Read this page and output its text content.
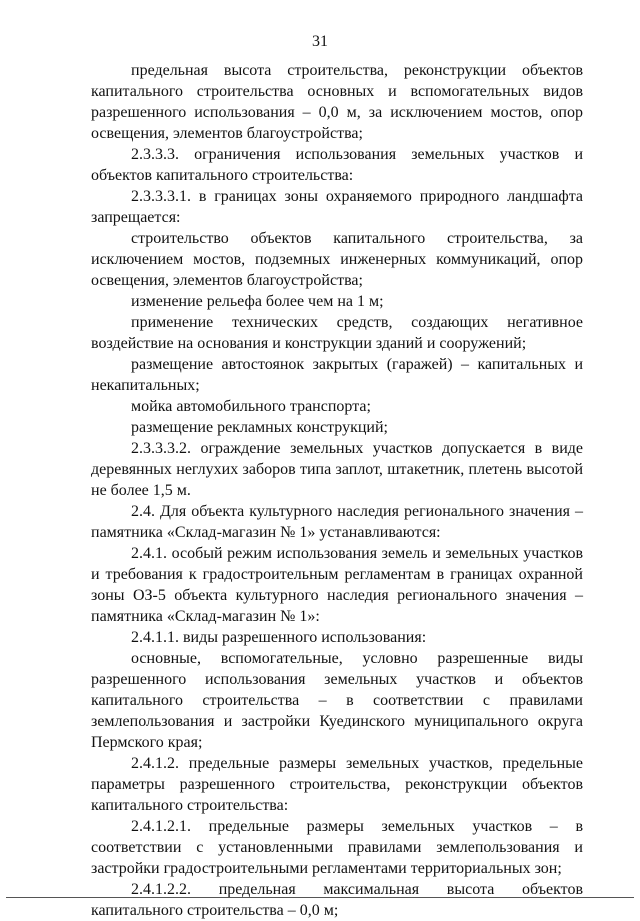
31

предельная высота строительства, реконструкции объектов капитального строительства основных и вспомогательных видов разрешенного использования – 0,0 м, за исключением мостов, опор освещения, элементов благоустройства;

2.3.3.3. ограничения использования земельных участков и объектов капитального строительства:

2.3.3.3.1. в границах зоны охраняемого природного ландшафта запрещается:

строительство объектов капитального строительства, за исключением мостов, подземных инженерных коммуникаций, опор освещения, элементов благоустройства;

изменение рельефа более чем на 1 м;

применение технических средств, создающих негативное воздействие на основания и конструкции зданий и сооружений;

размещение автостоянок закрытых (гаражей) – капитальных и некапитальных;

мойка автомобильного транспорта;

размещение рекламных конструкций;

2.3.3.3.2. ограждение земельных участков допускается в виде деревянных неглухих заборов типа заплот, штакетник, плетень высотой не более 1,5 м.

2.4. Для объекта культурного наследия регионального значения – памятника «Склад-магазин № 1» устанавливаются:

2.4.1. особый режим использования земель и земельных участков и требования к градостроительным регламентам в границах охранной зоны ОЗ-5 объекта культурного наследия регионального значения – памятника «Склад-магазин № 1»:

2.4.1.1. виды разрешенного использования:

основные, вспомогательные, условно разрешенные виды разрешенного использования земельных участков и объектов капитального строительства – в соответствии с правилами землепользования и застройки Куединского муниципального округа Пермского края;

2.4.1.2. предельные размеры земельных участков, предельные параметры разрешенного строительства, реконструкции объектов капитального строительства:

2.4.1.2.1. предельные размеры земельных участков – в соответствии с установленными правилами землепользования и застройки градостроительными регламентами территориальных зон;

2.4.1.2.2. предельная максимальная высота объектов капитального строительства – 0,0 м;
